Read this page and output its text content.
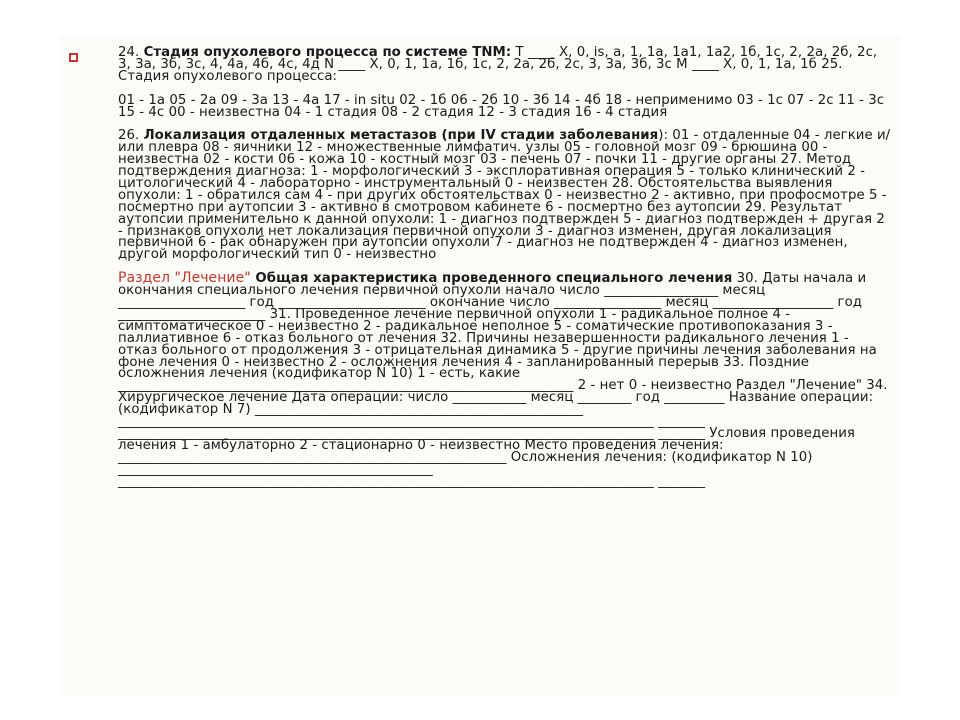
24. Стадия опухолевого процесса по системе TNM: Т ____ Х, 0, is, a, 1, 1a, 1a1, 1a2, 1б, 1c, 2, 2a, 2б, 2c, 3, 3a, 3б, 3c, 4, 4a, 4б, 4c, 4д N ____ Х, 0, 1, 1a, 1б, 1c, 2, 2a, 2б, 2c, 3, 3a, 3б, 3c M ____ Х, 0, 1, 1a, 1б 25. Стадия опухолевого процесса:

01 - 1a 05 - 2a 09 - 3a 13 - 4a 17 - in situ 02 - 1б 06 - 2б 10 - 3б 14 - 4б 18 - неприменимо 03 - 1c 07 - 2c 11 - 3c 15 - 4c 00 - неизвестна 04 - 1 стадия 08 - 2 стадия 12 - 3 стадия 16 - 4 стадия

26. Локализация отдаленных метастазов (при IV стадии заболевания): 01 - отдаленные 04 - легкие и/или плевра 08 - яичники 12 - множественные лимфатич. узлы 05 - головной мозг 09 - брюшина 00 - неизвестна 02 - кости 06 - кожа 10 - костный мозг 03 - печень 07 - почки 11 - другие органы 27. Метод подтверждения диагноза: 1 - морфологический 3 - эксплоративная операция 5 - только клинический 2 - цитологический 4 - лабораторно - инструментальный 0 - неизвестен 28. Обстоятельства выявления опухоли: 1 - обратился сам 4 - при других обстоятельствах 0 - неизвестно 2 - активно, при профосмотре 5 - посмертно при аутопсии 3 - активно в смотровом кабинете 6 - посмертно без аутопсии 29. Результат аутопсии применительно к данной опухоли: 1 - диагноз подтвержден 5 - диагноз подтвержден + другая 2 - признаков опухоли нет локализация первичной опухоли 3 - диагноз изменен, другая локализация первичной 6 - рак обнаружен при аутопсии опухоли 7 - диагноз не подтвержден 4 - диагноз изменен, другой морфологический тип 0 - неизвестно

Раздел "Лечение" Общая характеристика проведенного специального лечения 30. Даты начала и окончания специального лечения первичной опухоли начало число _________________ месяц ___________________ год ______________________ окончание число ________________ месяц __________________ год ______________________ 31. Проведенное лечение первичной опухоли 1 - радикальное полное 4 - симптоматическое 0 - неизвестно 2 - радикальное неполное 5 - соматические противопоказания 3 - паллиативное 6 - отказ больного от лечения 32. Причины незавершенности радикального лечения 1 - отказ больного от продолжения 3 - отрицательная динамика 5 - другие причины лечения заболевания на фоне лечения 0 - неизвестно 2 - осложнения лечения 4 - запланированный перерыв 33. Поздние осложнения лечения (кодификатор N 10) 1 - есть, какие ____________________________________________________________________ 2 - нет 0 - неизвестно Раздел "Лечение" 34. Хирургическое лечение Дата операции: число ___________ месяц ________ год _________ Название операции: (кодификатор N 7) _________________________________________________ ________________________________________________________________________________ _______ ________________________________________________________________________________ _______ Условия проведения лечения 1 - амбулаторно 2 - стационарно 0 - неизвестно Место проведения лечения: __________________________________________________________ Осложнения лечения: (кодификатор N 10) _______________________________________________ ________________________________________________________________________________ _______
